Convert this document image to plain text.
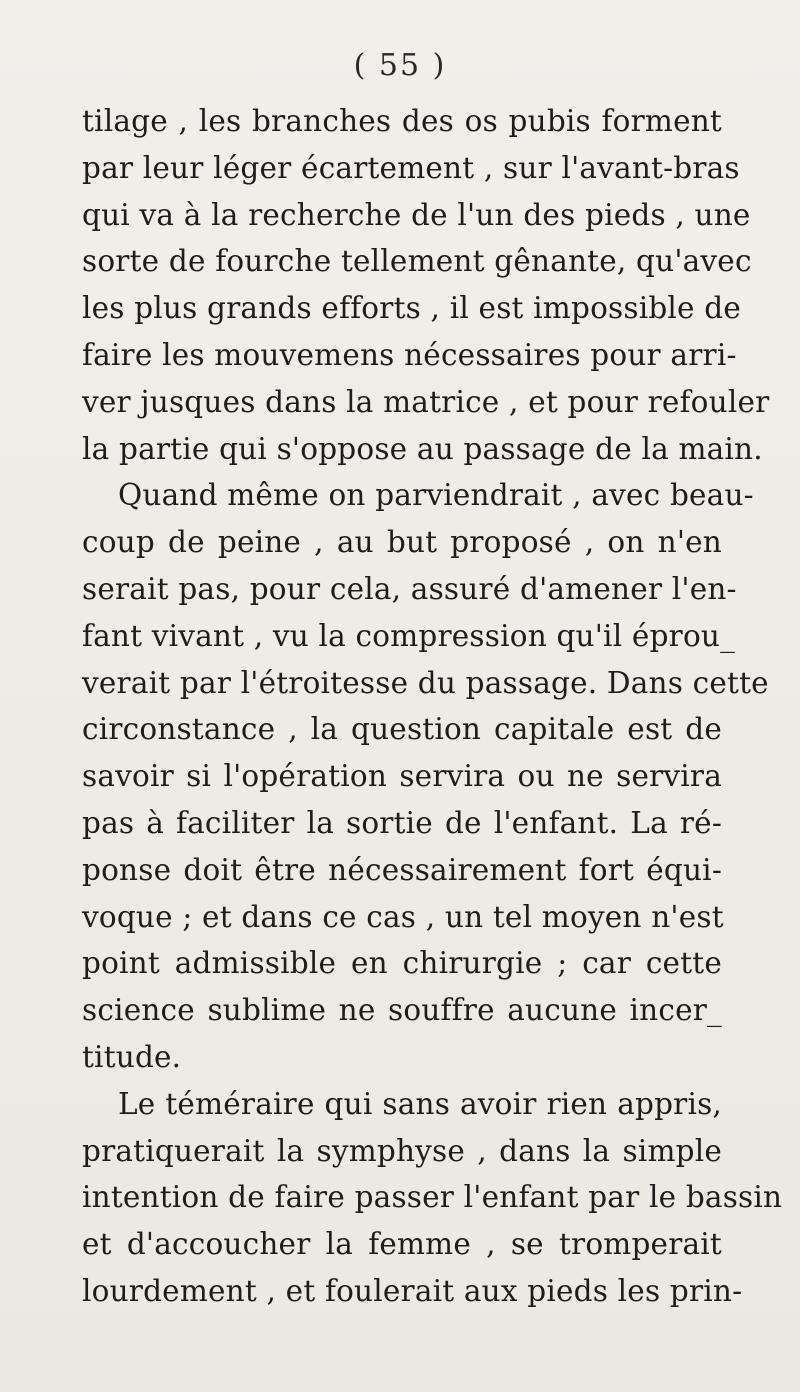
( 55 )
tilage , les branches des os pubis forment
par leur léger écartement , sur l'avant-bras
qui va à la recherche de l'un des pieds , une
sorte de fourche tellement gênante, qu'avec
les plus grands efforts , il est impossible de
faire les mouvemens nécessaires pour arri-
ver jusques dans la matrice , et pour refouler
la partie qui s'oppose au passage de la main.
Quand même on parviendrait , avec beau-
coup de peine , au but proposé , on n'en
serait pas, pour cela, assuré d'amener l'en-
fant vivant , vu la compression qu'il éprou_
verait par l'étroitesse du passage. Dans cette
circonstance , la question capitale est de
savoir si l'opération servira ou ne servira
pas à faciliter la sortie de l'enfant. La ré-
ponse doit être nécessairement fort équi-
voque ; et dans ce cas , un tel moyen n'est
point admissible en chirurgie ; car cette
science sublime ne souffre aucune incer_
titude.
Le téméraire qui sans avoir rien appris,
pratiquerait la symphyse , dans la simple
intention de faire passer l'enfant par le bassin
et d'accoucher la femme , se tromperait
lourdement , et foulerait aux pieds les prin-
